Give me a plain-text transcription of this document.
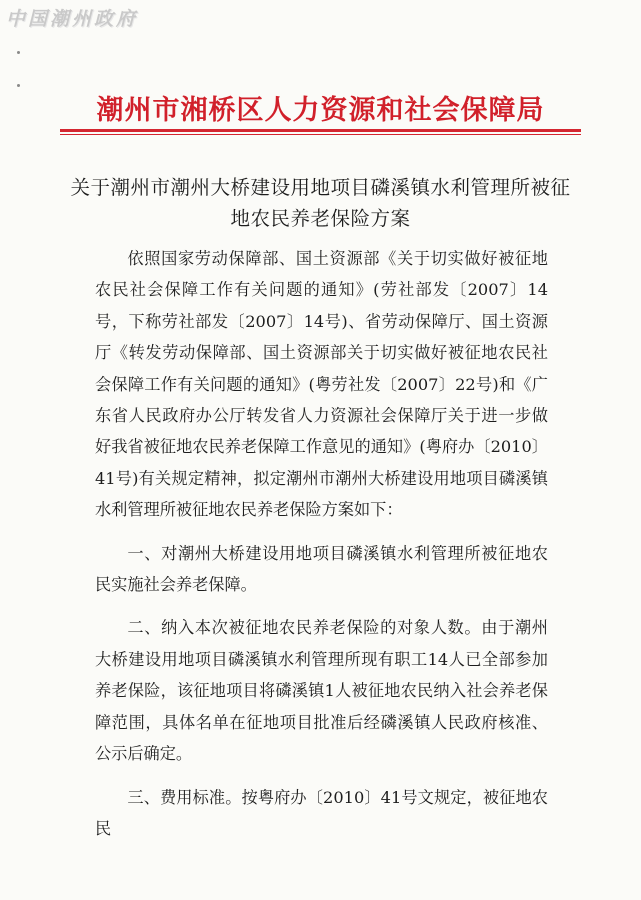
中国潮州政府
潮州市湘桥区人力资源和社会保障局
关于潮州市潮州大桥建设用地项目磷溪镇水利管理所被征地农民养老保险方案

依照国家劳动保障部、国土资源部《关于切实做好被征地农民社会保障工作有关问题的通知》(劳社部发〔2007〕14号，下称劳社部发〔2007〕14号)、省劳动保障厅、国土资源厅《转发劳动保障部、国土资源部关于切实做好被征地农民社会保障工作有关问题的通知》(粤劳社发〔2007〕22号)和《广东省人民政府办公厅转发省人力资源社会保障厅关于进一步做好我省被征地农民养老保障工作意见的通知》(粤府办〔2010〕41号)有关规定精神，拟定潮州市潮州大桥建设用地项目磷溪镇水利管理所被征地农民养老保险方案如下：

一、对潮州大桥建设用地项目磷溪镇水利管理所被征地农民实施社会养老保障。

二、纳入本次被征地农民养老保险的对象人数。由于潮州大桥建设用地项目磷溪镇水利管理所现有职工14人已全部参加养老保险，该征地项目将磷溪镇1人被征地农民纳入社会养老保障范围，具体名单在征地项目批准后经磷溪镇人民政府核准、公示后确定。

三、费用标准。按粤府办〔2010〕41号文规定，被征地农民
